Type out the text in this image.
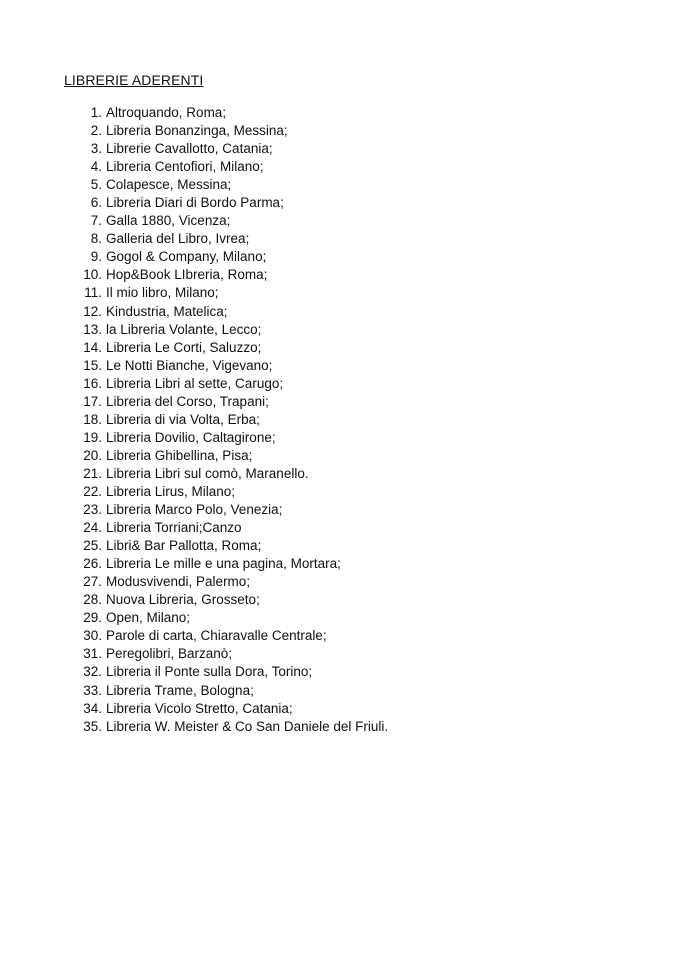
LIBRERIE ADERENTI
1. Altroquando, Roma;
2. Libreria Bonanzinga, Messina;
3. Librerie Cavallotto, Catania;
4. Libreria Centofiori, Milano;
5. Colapesce, Messina;
6. Libreria Diari di Bordo Parma;
7. Galla 1880, Vicenza;
8. Galleria del Libro, Ivrea;
9. Gogol & Company, Milano;
10. Hop&Book LIbreria, Roma;
11. Il mio libro, Milano;
12. Kindustria, Matelica;
13. la Libreria Volante, Lecco;
14. Libreria Le Corti, Saluzzo;
15. Le Notti Bianche, Vigevano;
16. Libreria Libri al sette, Carugo;
17. Libreria del Corso, Trapani;
18. Libreria di via Volta, Erba;
19. Libreria Dovilio, Caltagirone;
20. Libreria Ghibellina, Pisa;
21. Libreria Libri sul comò, Maranello.
22. Libreria Lirus, Milano;
23. Libreria Marco Polo, Venezia;
24. Libreria Torriani;Canzo
25. Libri& Bar Pallotta, Roma;
26. Libreria Le mille e una pagina, Mortara;
27. Modusvivendi, Palermo;
28. Nuova Libreria, Grosseto;
29. Open, Milano;
30. Parole di carta, Chiaravalle Centrale;
31. Peregolibri, Barzanò;
32. Libreria il Ponte sulla Dora, Torino;
33. Libreria Trame, Bologna;
34. Libreria Vicolo Stretto, Catania;
35. Libreria W. Meister & Co San Daniele del Friuli.
